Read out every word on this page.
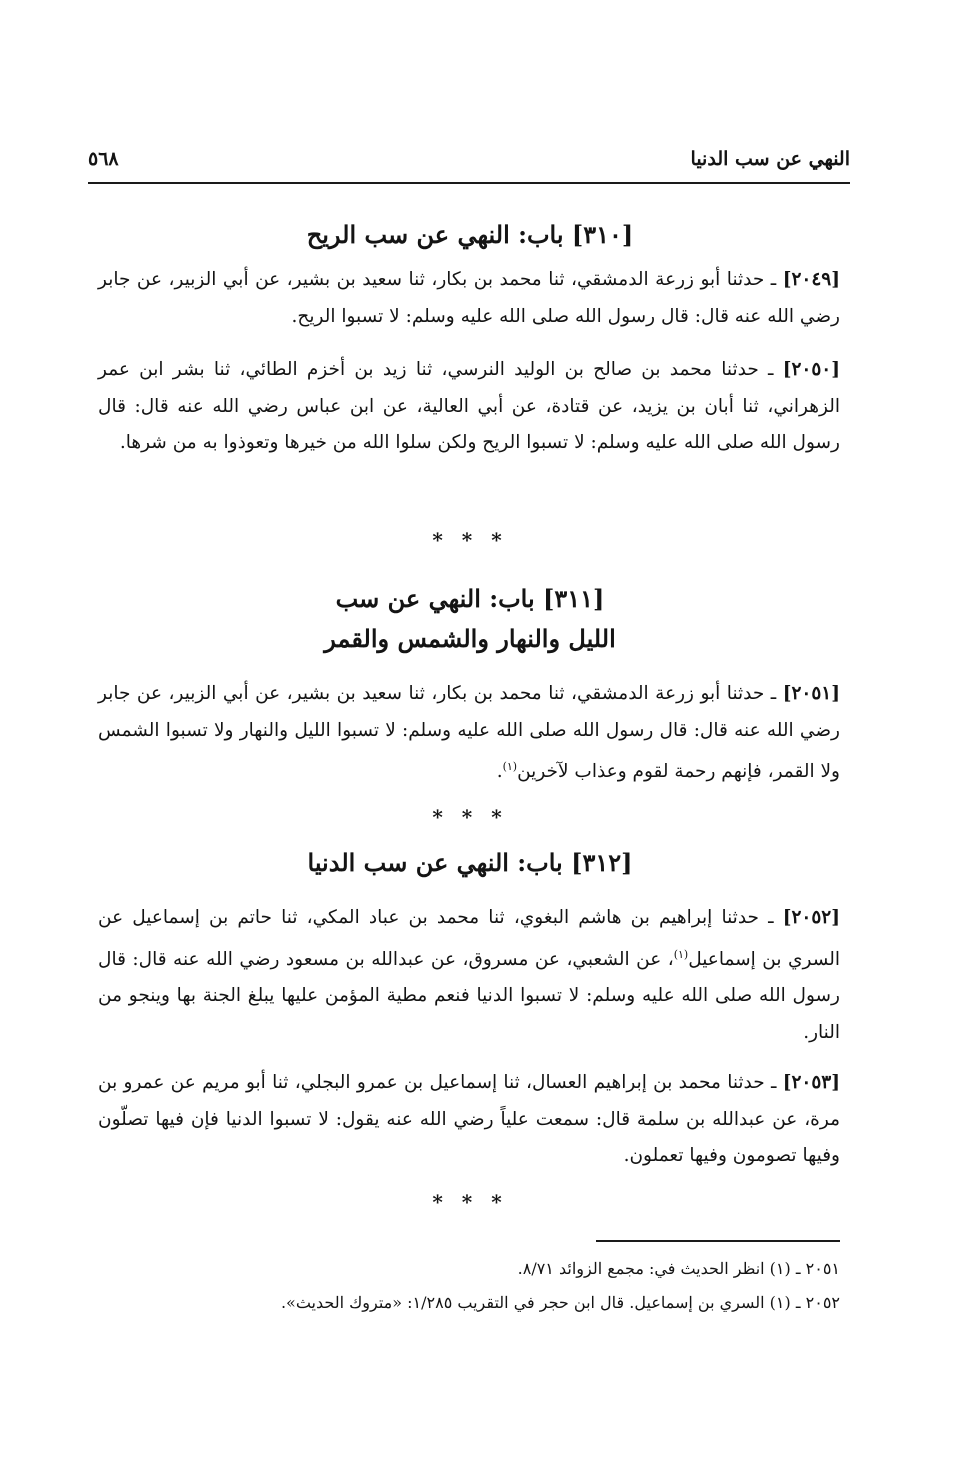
النهي عن سب الدنيا
٥٦٨
[٣١٠] باب: النهي عن سب الريح
[٢٠٤٩] ـ حدثنا أبو زرعة الدمشقي، ثنا محمد بن بكار، ثنا سعيد بن بشير، عن أبي الزبير، عن جابر رضي الله عنه قال: قال رسول الله صلى الله عليه وسلم: لا تسبوا الريح.
[٢٠٥٠] ـ حدثنا محمد بن صالح بن الوليد النرسي، ثنا زيد بن أخزم الطائي، ثنا بشر ابن عمر الزهراني، ثنا أبان بن يزيد، عن قتادة، عن أبي العالية، عن ابن عباس رضي الله عنه قال: قال رسول الله صلى الله عليه وسلم: لا تسبوا الريح ولكن سلوا الله من خيرها وتعوذوا به من شرها.
* * *
[٣١١] باب: النهي عن سب
الليل والنهار والشمس والقمر
[٢٠٥١] ـ حدثنا أبو زرعة الدمشقي، ثنا محمد بن بكار، ثنا سعيد بن بشير، عن أبي الزبير، عن جابر رضي الله عنه قال: قال رسول الله صلى الله عليه وسلم: لا تسبوا الليل والنهار ولا تسبوا الشمس ولا القمر، فإنهم رحمة لقوم وعذاب لآخرين$^{(١)}$.
* * *
[٣١٢] باب: النهي عن سب الدنيا
[٢٠٥٢] ـ حدثنا إبراهيم بن هاشم البغوي، ثنا محمد بن عباد المكي، ثنا حاتم بن إسماعيل عن السري بن إسماعيل$^{(١)}$، عن الشعبي، عن مسروق، عن عبدالله بن مسعود رضي الله عنه قال: قال رسول الله صلى الله عليه وسلم: لا تسبوا الدنيا فنعم مطية المؤمن عليها يبلغ الجنة بها وينجو من النار.
[٢٠٥٣] ـ حدثنا محمد بن إبراهيم العسال، ثنا إسماعيل بن عمرو البجلي، ثنا أبو مريم عن عمرو بن مرة، عن عبدالله بن سلمة قال: سمعت علياً رضي الله عنه يقول: لا تسبوا الدنيا فإن فيها تصلّون وفيها تصومون وفيها تعملون.
* * *
٢٠٥١ ـ (١) انظر الحديث في: مجمع الزوائد ٨/٧١.
٢٠٥٢ ـ (١) السري بن إسماعيل. قال ابن حجر في التقريب ١/٢٨٥: «متروك الحديث».
